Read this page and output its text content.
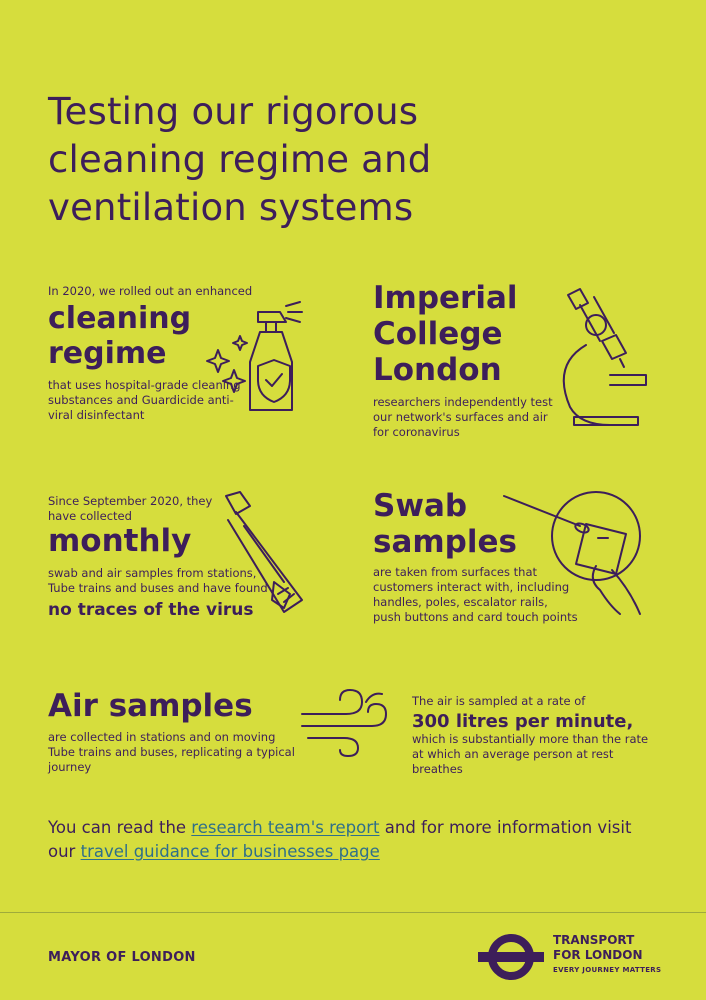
Testing our rigorous cleaning regime and ventilation systems
In 2020, we rolled out an enhanced
cleaning
regime
that uses hospital-grade cleaning substances and Guardicide anti-viral disinfectant
Imperial
College
London
researchers independently test our network's surfaces and air for coronavirus
Since September 2020, they have collected
monthly
swab and air samples from stations, Tube trains and buses and have found
no traces of the virus
Swab
samples
are taken from surfaces that customers interact with, including handles, poles, escalator rails, push buttons and card touch points
Air samples
are collected in stations and on moving Tube trains and buses, replicating a typical journey
The air is sampled at a rate of
300 litres per minute,
which is substantially more than the rate at which an average person at rest breathes
You can read the research team's report and for more information visit our travel guidance for businesses page
MAYOR OF LONDON
TRANSPORT
FOR LONDON
EVERY JOURNEY MATTERS
